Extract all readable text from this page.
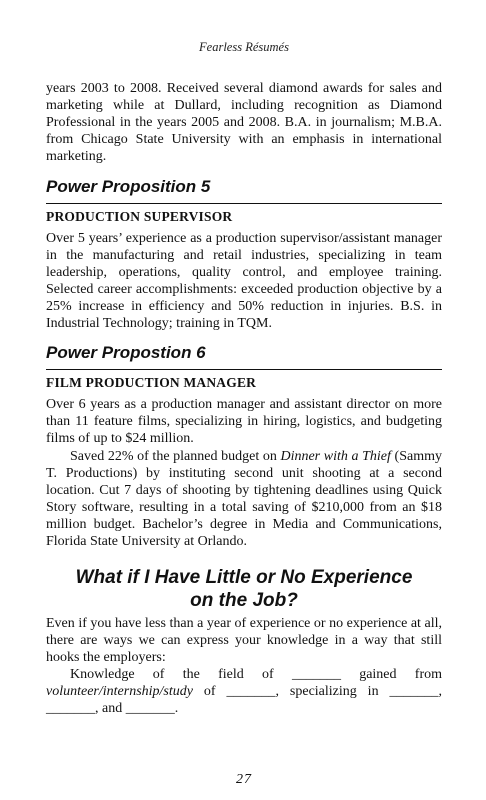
Fearless Résumés

years 2003 to 2008. Received several diamond awards for sales and marketing while at Dullard, including recognition as Diamond Professional in the years 2005 and 2008. B.A. in journalism; M.B.A. from Chicago State University with an emphasis in international marketing.

Power Proposition 5

PRODUCTION SUPERVISOR

Over 5 years’ experience as a production supervisor/assistant manager in the manufacturing and retail industries, specializing in team leadership, operations, quality control, and employee training. Selected career accomplishments: exceeded production objective by a 25% increase in efficiency and 50% reduction in injuries. B.S. in Industrial Technology; training in TQM.

Power Propostion 6

FILM PRODUCTION MANAGER

Over 6 years as a production manager and assistant director on more than 11 feature films, specializing in hiring, logistics, and budgeting films of up to $24 million.

Saved 22% of the planned budget on Dinner with a Thief (Sammy T. Productions) by instituting second unit shooting at a second location. Cut 7 days of shooting by tightening deadlines using Quick Story software, resulting in a total saving of $210,000 from an $18 million budget. Bachelor’s degree in Media and Communications, Florida State University at Orlando.

What if I Have Little or No Experience
on the Job?

Even if you have less than a year of experience or no experience at all, there are ways we can express your knowledge in a way that still hooks the employers:

Knowledge of the field of _______ gained from volunteer/internship/study of _______, specializing in _______, _______, and _______.

27
